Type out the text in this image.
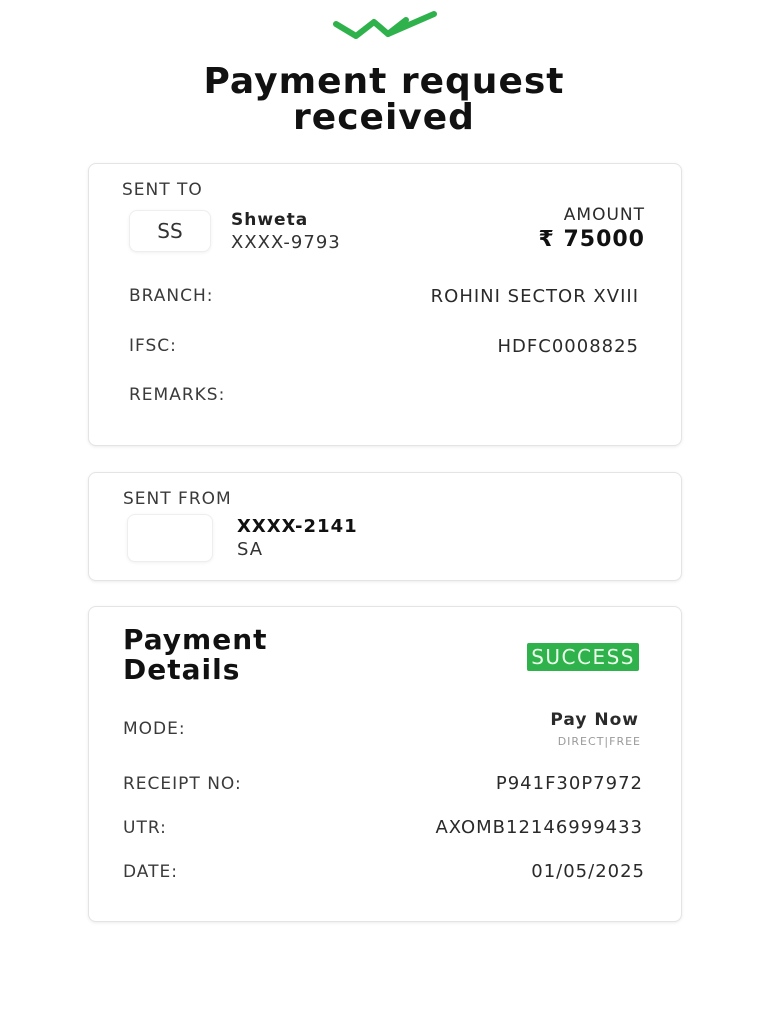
Payment request
received
SENT TO
SS	Shweta
XXXX-9793
AMOUNT
₹ 75000
BRANCH:	ROHINI SECTOR XVIII
IFSC:	HDFC0008825
REMARKS:
SENT FROM
XXXX-2141
SA
Payment
Details	SUCCESS
MODE:	Pay Now
DIRECT|FREE
RECEIPT NO:	P941F30P7972
UTR:	AXOMB12146999433
DATE:	01/05/2025
